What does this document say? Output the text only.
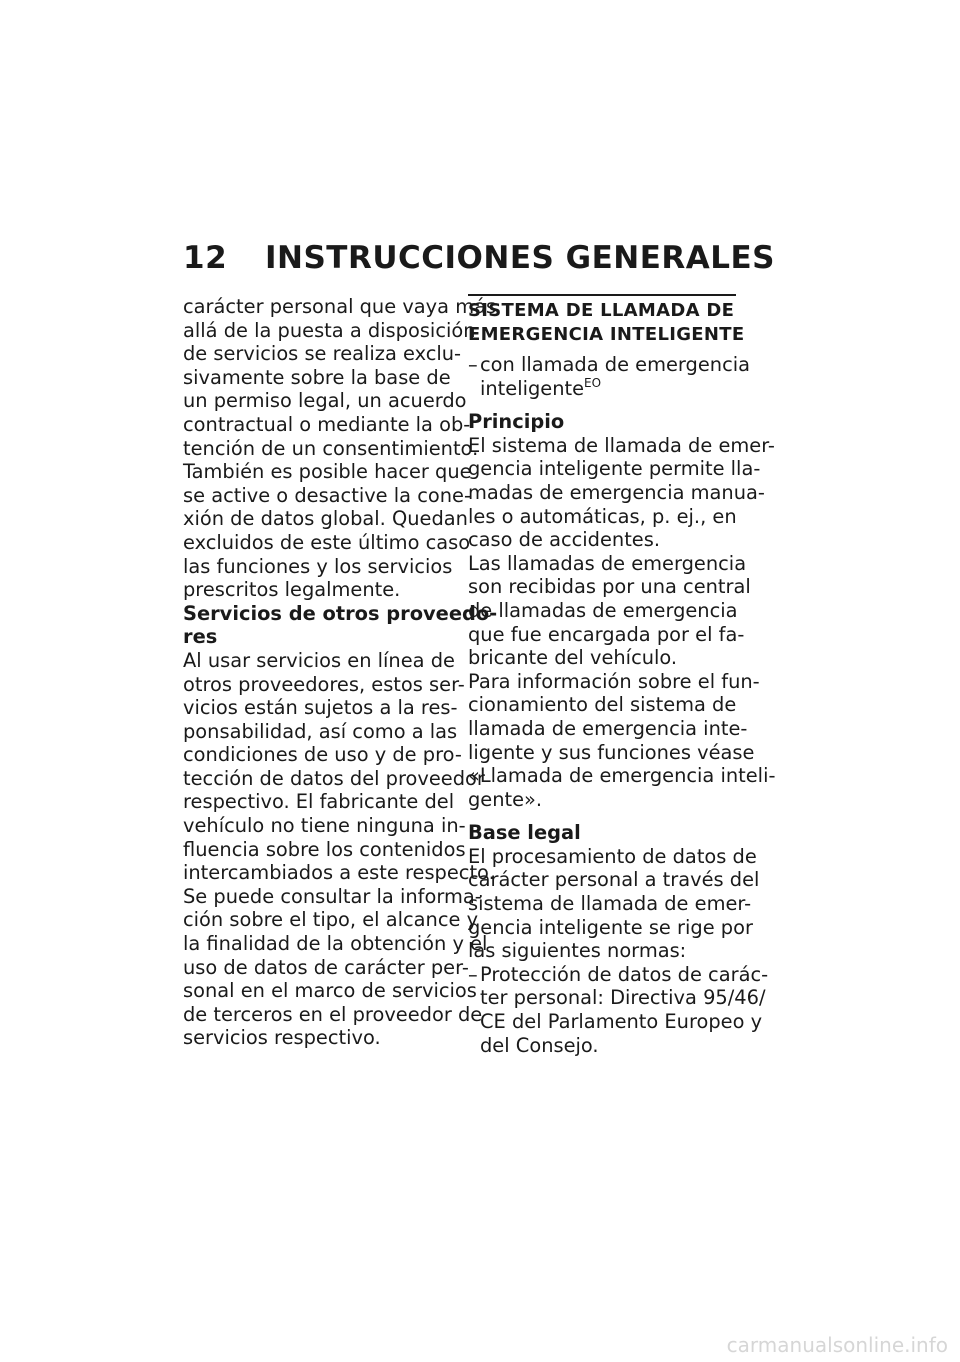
12 INSTRUCCIONES GENERALES
carácter personal que vaya más
allá de la puesta a disposición
de servicios se realiza exclu-
sivamente sobre la base de
un permiso legal, un acuerdo
contractual o mediante la ob-
tención de un consentimiento.
También es posible hacer que
se active o desactive la cone-
xión de datos global. Quedan
excluidos de este último caso
las funciones y los servicios
prescritos legalmente.
Servicios de otros proveedo-
res
Al usar servicios en línea de
otros proveedores, estos ser-
vicios están sujetos a la res-
ponsabilidad, así como a las
condiciones de uso y de pro-
tección de datos del proveedor
respectivo. El fabricante del
vehículo no tiene ninguna in-
fluencia sobre los contenidos
intercambiados a este respecto.
Se puede consultar la informa-
ción sobre el tipo, el alcance y
la finalidad de la obtención y el
uso de datos de carácter per-
sonal en el marco de servicios
de terceros en el proveedor de
servicios respectivo.
SISTEMA DE LLAMADA DE
EMERGENCIA INTELIGENTE
– con llamada de emergencia
inteligente$^{EO}$
Principio
El sistema de llamada de emer-
gencia inteligente permite lla-
madas de emergencia manua-
les o automáticas, p. ej., en
caso de accidentes.
Las llamadas de emergencia
son recibidas por una central
de llamadas de emergencia
que fue encargada por el fa-
bricante del vehículo.
Para información sobre el fun-
cionamiento del sistema de
llamada de emergencia inte-
ligente y sus funciones véase
«Llamada de emergencia inteli-
gente».
Base legal
El procesamiento de datos de
carácter personal a través del
sistema de llamada de emer-
gencia inteligente se rige por
las siguientes normas:
– Protección de datos de carác-
ter personal: Directiva 95/46/
CE del Parlamento Europeo y
del Consejo.
carmanualsonline.info
